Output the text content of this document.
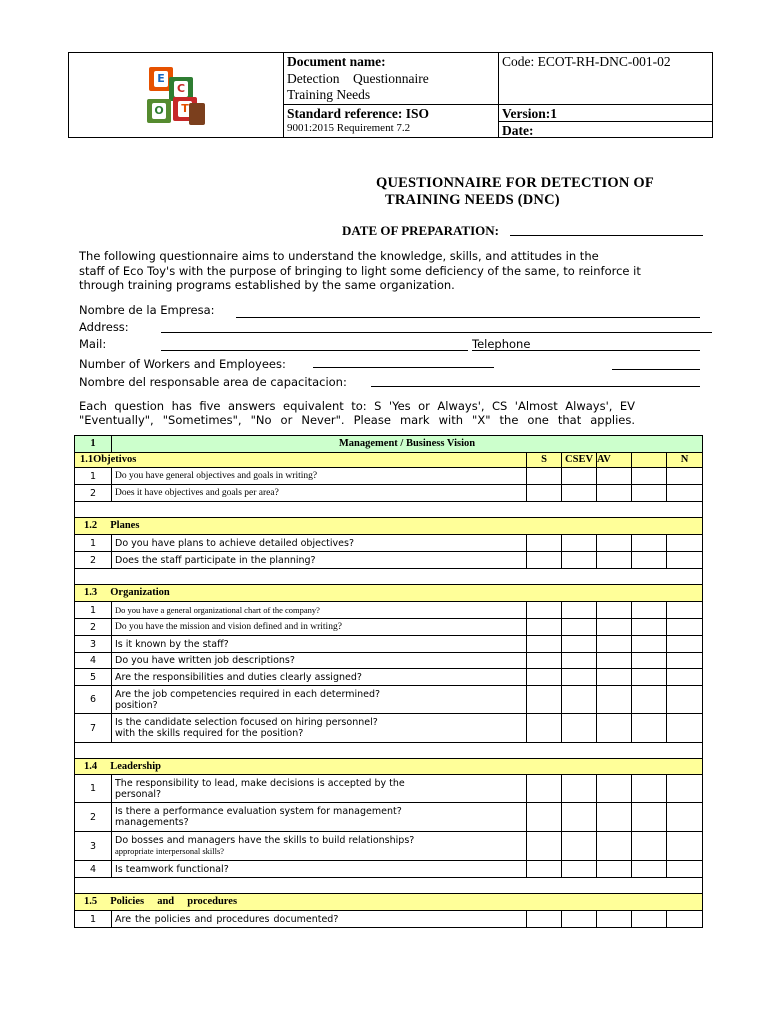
E
C
O T
Document name:
Detection    Questionnaire
Training Needs
Standard reference: ISO
9001:2015 Requirement 7.2
Code: ECOT-RH-DNC-001-02
Version:1
Date:
QUESTIONNAIRE FOR DETECTION OF
TRAINING NEEDS (DNC)
DATE OF PREPARATION:
The following questionnaire aims to understand the knowledge, skills, and attitudes in the
staff of Eco Toy's with the purpose of bringing to light some deficiency of the same, to reinforce it
through training programs established by the same organization.
Nombre de la Empresa:
Address:
Mail:	Telephone
Number of Workers and Employees:
Nombre del responsable area de capacitacion:
Each question has five answers equivalent to: S 'Yes or Always', CS 'Almost Always', EV
"Eventually", "Sometimes", "No or Never". Please mark with "X" the one that applies.
1	Management / Business Vision					
1.1Objetivos		S	CSEV	AV		N
1	Do you have general objectives and goals in writing?					
2	Does it have objectives and goals per area?					

1.2     Planes						
1	Do you have plans to achieve detailed objectives?					
2	Does the staff participate in the planning?					

1.3     Organization						
1	Do you have a general organizational chart of the company?					
2	Do you have the mission and vision defined and in writing?					
3	Is it known by the staff?					
4	Do you have written job descriptions?					
5	Are the responsibilities and duties clearly assigned?					
6	Are the job competencies required in each determined?
position?					

7	Is the candidate selection focused on hiring personnel?
with the skills required for the position?					

1.4     Leadership						
1	The responsibility to lead, make decisions is accepted by the
personal?					

2	Is there a performance evaluation system for management?
managements?					

3	Do bosses and managers have the skills to build relationships?
appropriate interpersonal skills?					

4	Is teamwork functional?					

1.5     Policies     and     procedures						
1	Are the policies and procedures documented?					
